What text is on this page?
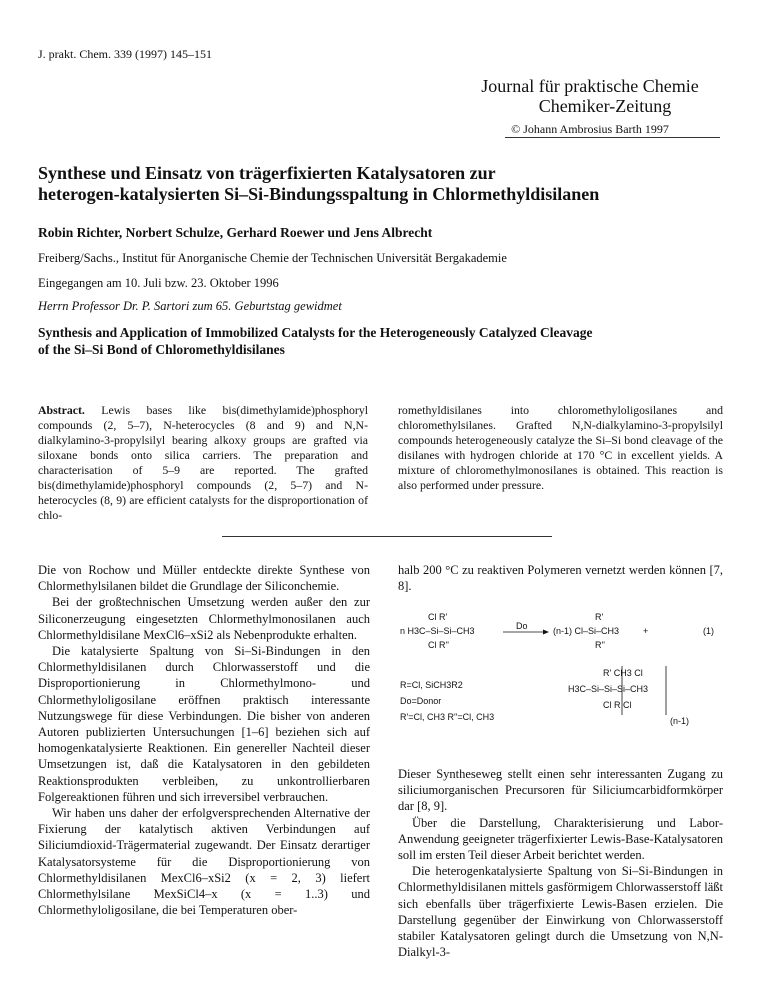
J. prakt. Chem. 339 (1997) 145–151
Journal für praktische Chemie
Chemiker-Zeitung
© Johann Ambrosius Barth 1997
Synthese und Einsatz von trägerfixierten Katalysatoren zur
heterogen-katalysierten Si–Si-Bindungsspaltung in Chlormethyldisilanen
Robin Richter, Norbert Schulze, Gerhard Roewer und Jens Albrecht
Freiberg/Sachs., Institut für Anorganische Chemie der Technischen Universität Bergakademie
Eingegangen am 10. Juli bzw. 23. Oktober 1996
Herrn Professor Dr. P. Sartori zum 65. Geburtstag gewidmet
Synthesis and Application of Immobilized Catalysts for the Heterogeneously Catalyzed Cleavage
of the Si–Si Bond of Chloromethyldisilanes
Abstract. Lewis bases like bis(dimethylamide)phosphoryl compounds (2, 5–7), N-heterocycles (8 and 9) and N,N-dialkylamino-3-propylsilyl bearing alkoxy groups are grafted via siloxane bonds onto silica carriers. The preparation and characterisation of 5–9 are reported. The grafted bis(dimethylamide)phosphoryl compounds (2, 5–7) and N-heterocycles (8, 9) are efficient catalysts for the disproportionation of chlo-
romethyldisilanes into chloromethyloligosilanes and chloromethylsilanes. Grafted N,N-dialkylamino-3-propylsilyl compounds heterogeneously catalyze the Si–Si bond cleavage of the disilanes with hydrogen chloride at 170 °C in excellent yields. A mixture of chloromethylmonosilanes is obtained. This reaction is also performed under pressure.

Die von Rochow und Müller entdeckte direkte Synthese von Chlormethylsilanen bildet die Grundlage der Siliconchemie.

Bei der großtechnischen Umsetzung werden außer den zur Siliconerzeugung eingesetzten Chlormethylmonosilanen auch Chlormethyldisilane MexCl6–xSi2 als Nebenprodukte erhalten.

Die katalysierte Spaltung von Si–Si-Bindungen in den Chlormethyldisilanen durch Chlorwasserstoff und die Disproportionierung in Chlormethylmono- und Chlormethyloligosilane eröffnen praktisch interessante Nutzungswege für diese Verbindungen. Die bisher von anderen Autoren publizierten Untersuchungen [1–6] beziehen sich auf homogenkatalysierte Reaktionen. Ein genereller Nachteil dieser Umsetzungen ist, daß die Katalysatoren in den gebildeten Reaktionsprodukten verbleiben, zu unkontrollierbaren Folgereaktionen führen und sich irreversibel verbrauchen.

Wir haben uns daher der erfolgversprechenden Alternative der Fixierung der katalytisch aktiven Verbindungen auf Siliciumdioxid-Trägermaterial zugewandt. Der Einsatz derartiger Katalysatorsysteme für die Disproportionierung von Chlormethyldisilanen MexCl6–xSi2 (x = 2, 3) liefert Chlormethylsilane MexSiCl4–x (x = 1..3) und Chlormethyloligosilane, die bei Temperaturen ober-

halb 200 °C zu reaktiven Polymeren vernetzt werden können [7, 8].

Cl R'
n H3C–Si–Si–CH3
Cl R''
Do
R'
(n-1) Cl–Si–CH3
R''
+	(1)
R=Cl, SiCH3R2
Do=Donor
R'=Cl, CH3 R''=Cl, CH3
R' CH3 Cl
H3C–Si–Si–Si–CH3
Cl R Cl
(n-1)

Dieser Syntheseweg stellt einen sehr interessanten Zugang zu siliciumorganischen Precursoren für Siliciumcarbidformkörper dar [8, 9].

Über die Darstellung, Charakterisierung und Labor-Anwendung geeigneter trägerfixierter Lewis-Base-Katalysatoren soll im ersten Teil dieser Arbeit berichtet werden.

Die heterogenkatalysierte Spaltung von Si–Si-Bindungen in Chlormethyldisilanen mittels gasförmigem Chlorwasserstoff läßt sich ebenfalls über trägerfixierte Lewis-Basen erzielen. Die Darstellung gegenüber der Einwirkung von Chlorwasserstoff stabiler Katalysatoren gelingt durch die Umsetzung von N,N-Dialkyl-3-
